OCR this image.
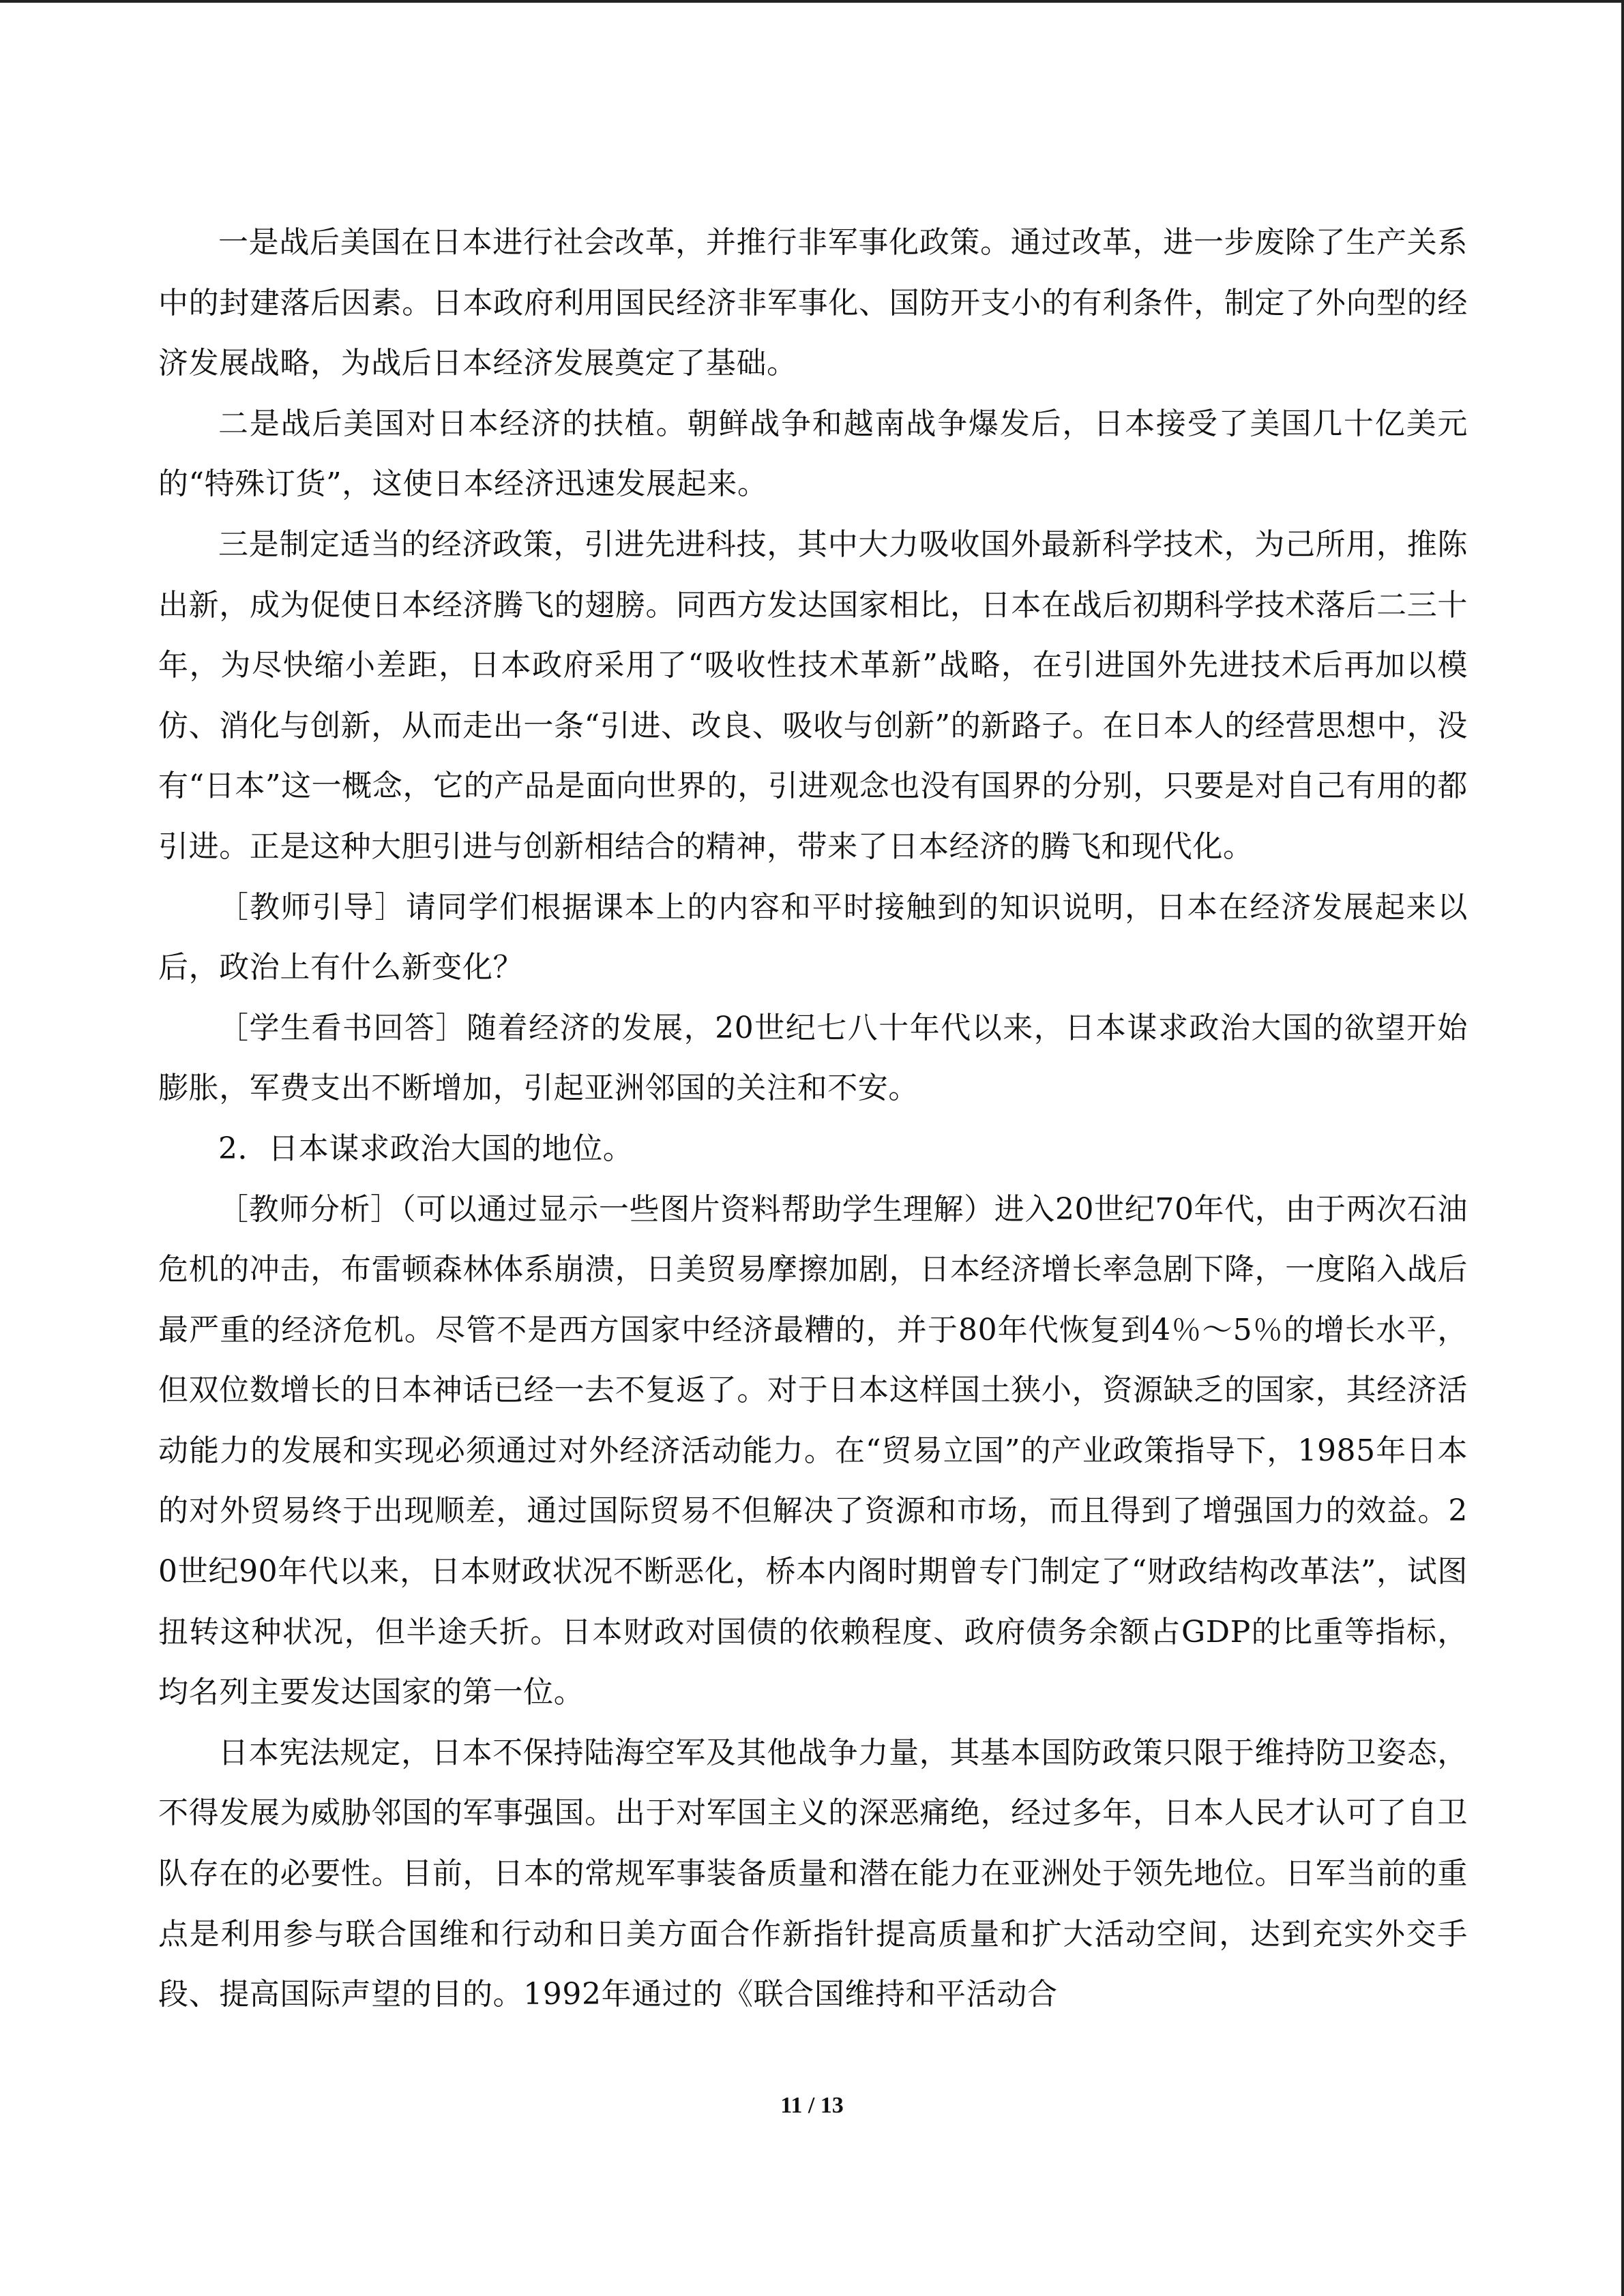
一是战后美国在日本进行社会改革，并推行非军事化政策。通过改革，进一步废除了生产关系中的封建落后因素。日本政府利用国民经济非军事化、国防开支小的有利条件，制定了外向型的经济发展战略，为战后日本经济发展奠定了基础。

二是战后美国对日本经济的扶植。朝鲜战争和越南战争爆发后，日本接受了美国几十亿美元的“特殊订货”，这使日本经济迅速发展起来。

三是制定适当的经济政策，引进先进科技，其中大力吸收国外最新科学技术，为己所用，推陈出新，成为促使日本经济腾飞的翅膀。同西方发达国家相比，日本在战后初期科学技术落后二三十年，为尽快缩小差距，日本政府采用了“吸收性技术革新”战略，在引进国外先进技术后再加以模仿、消化与创新，从而走出一条“引进、改良、吸收与创新”的新路子。在日本人的经营思想中，没有“日本”这一概念，它的产品是面向世界的，引进观念也没有国界的分别，只要是对自己有用的都引进。正是这种大胆引进与创新相结合的精神，带来了日本经济的腾飞和现代化。

［教师引导］请同学们根据课本上的内容和平时接触到的知识说明，日本在经济发展起来以后，政治上有什么新变化？

［学生看书回答］随着经济的发展，20世纪七八十年代以来，日本谋求政治大国的欲望开始膨胀，军费支出不断增加，引起亚洲邻国的关注和不安。

2．日本谋求政治大国的地位。

［教师分析］（可以通过显示一些图片资料帮助学生理解）进入20世纪70年代，由于两次石油危机的冲击，布雷顿森林体系崩溃，日美贸易摩擦加剧，日本经济增长率急剧下降，一度陷入战后最严重的经济危机。尽管不是西方国家中经济最糟的，并于80年代恢复到4％～5％的增长水平，但双位数增长的日本神话已经一去不复返了。对于日本这样国土狭小，资源缺乏的国家，其经济活动能力的发展和实现必须通过对外经济活动能力。在“贸易立国”的产业政策指导下，1985年日本的对外贸易终于出现顺差，通过国际贸易不但解决了资源和市场，而且得到了增强国力的效益。20世纪90年代以来，日本财政状况不断恶化，桥本内阁时期曾专门制定了“财政结构改革法”，试图扭转这种状况，但半途夭折。日本财政对国债的依赖程度、政府债务余额占GDP的比重等指标，均名列主要发达国家的第一位。

日本宪法规定，日本不保持陆海空军及其他战争力量，其基本国防政策只限于维持防卫姿态，不得发展为威胁邻国的军事强国。出于对军国主义的深恶痛绝，经过多年，日本人民才认可了自卫队存在的必要性。目前，日本的常规军事装备质量和潜在能力在亚洲处于领先地位。日军当前的重点是利用参与联合国维和行动和日美方面合作新指针提高质量和扩大活动空间，达到充实外交手段、提高国际声望的目的。1992年通过的《联合国维持和平活动合

11 / 13
